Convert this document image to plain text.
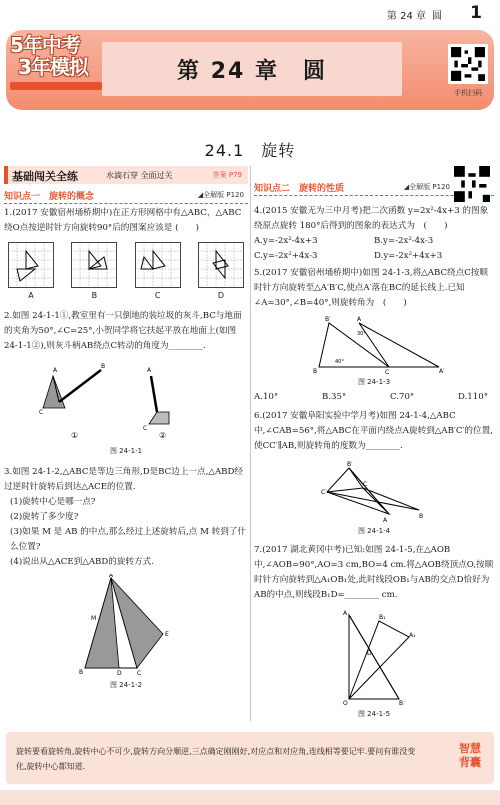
第 24 章 圆 1
5年中考
3年模拟	第 24 章　圆
手机扫码
24.1　旋转
基础闯关全练	水滴石穿 全面过关	答案 P79
知识点一　旋转的概念	◢全解版 P120
1.(2017 安徽宿州埇桥期中)在正方形网格中有△ABC，△ABC绕O点按逆时针方向旋转90°后的图案应该是 (　　)
A	B	C	D
2.如图 24-1-1①,教室里有一只倒地的装垃圾的灰斗,BC与地面的夹角为50°,∠C=25°,小贺同学将它扶起平放在地面上(如图 24-1-1②),则灰斗柄AB绕点C转动的角度为________.
A
C
B
A
C
①	②
图 24-1-1
3.如图 24-1-2,△ABC是等边三角形,D是BC边上一点,△ABD经过逆时针旋转后到达△ACE的位置.
(1)旋转中心是哪一点?
(2)旋转了多少度?
(3)如果 M 是 AB 的中点,那么经过上述旋转后,点 M 转到了什么位置?
(4)说出从△ACE到△ABD的旋转方式.
A
B	D	C
E
M
图 24-1-2
知识点二　旋转的性质	◢全解版 P120
4.(2015 安徽无为三中月考)把二次函数 y=2x²-4x+3 的图象绕原点旋转 180°后得到的图象的表达式为　(　　)
A.y=-2x²-4x+3	B.y=-2x²-4x-3
C.y=-2x²+4x-3	D.y=-2x²+4x+3
5.(2017 安徽宿州埇桥期中)如图 24-1-3,将△ABC绕点C按顺时针方向旋转至△A′B′C,使点A′落在BC的延长线上.已知∠A=30°,∠B=40°,则旋转角为　(　　)
B′	A
B	C	A′
40°
30°
图 24-1-3
A.10°	B.35°	C.70°	D.110°
6.(2017 安徽阜阳实验中学月考)如图 24-1-4,△ABC中,∠CAB=56°,将△ABC在平面内绕点A旋转到△AB′C′的位置,使CC′∥AB,则旋转角的度数为________.
B′
C′
C
A
B
图 24-1-4
7.(2017 湖北黄冈中考)已知:如图 24-1-5,在△AOB中,∠AOB=90°,AO=3 cm,BO=4 cm.将△AOB绕顶点O,按顺时针方向旋转到△A₁OB₁处,此时线段OB₁与AB的交点D恰好为AB的中点,则线段B₁D=________ cm.
A
B₁
A₁
D
O	B
图 24-1-5
旋转要看旋转角,旋转中心不可少,旋转方向分顺逆,三点确定刚刚好,对应点和对应角,连线相等要记牢.要问有谁没变化,旋转中心都知道.
智慧
背囊
